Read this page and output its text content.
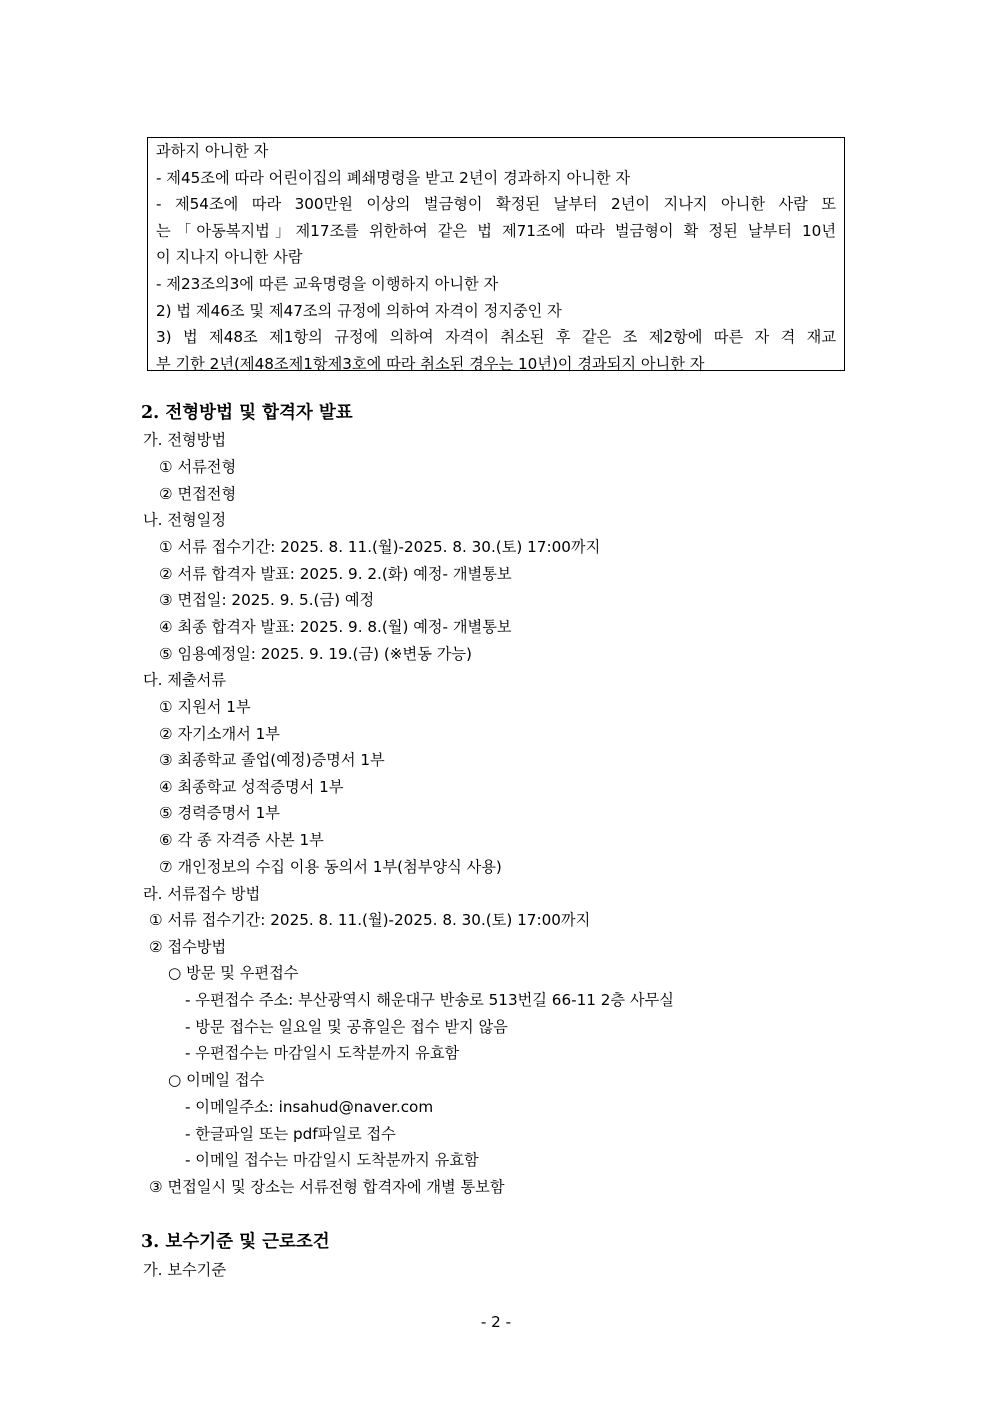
과하지 아니한 자
- 제45조에 따라 어린이집의 폐쇄명령을 받고 2년이 경과하지 아니한 자
- 제54조에 따라 300만원 이상의 벌금형이 확정된 날부터 2년이 지나지 아니한 사람 또
는「아동복지법」제17조를 위한하여 같은 법 제71조에 따라 벌금형이 확 정된 날부터 10년
이 지나지 아니한 사람
- 제23조의3에 따른 교육명령을 이행하지 아니한 자
2) 법 제46조 및 제47조의 규정에 의하여 자격이 정지중인 자
3) 법 제48조 제1항의 규정에 의하여 자격이 취소된 후 같은 조 제2항에 따른 자 격 재교
부 기한 2년(제48조제1항제3호에 따라 취소된 경우는 10년)이 경과되지 아니한 자
2. 전형방법 및 합격자 발표
가. 전형방법
① 서류전형
② 면접전형
나. 전형일정
① 서류 접수기간: 2025. 8. 11.(월)-2025. 8. 30.(토) 17:00까지
② 서류 합격자 발표: 2025. 9. 2.(화) 예정- 개별통보
③ 면접일: 2025. 9. 5.(금) 예정
④ 최종 합격자 발표: 2025. 9. 8.(월) 예정- 개별통보
⑤ 임용예정일: 2025. 9. 19.(금) (※변동 가능)
다. 제출서류
① 지원서 1부
② 자기소개서 1부
③ 최종학교 졸업(예정)증명서 1부
④ 최종학교 성적증명서 1부
⑤ 경력증명서 1부
⑥ 각 종 자격증 사본 1부
⑦ 개인정보의 수집 이용 동의서 1부(첨부양식 사용)
라. 서류접수 방법
① 서류 접수기간: 2025. 8. 11.(월)-2025. 8. 30.(토) 17:00까지
② 접수방법
○ 방문 및 우편접수
- 우편접수 주소: 부산광역시 해운대구 반송로 513번길 66-11 2층 사무실
- 방문 접수는 일요일 및 공휴일은 접수 받지 않음
- 우편접수는 마감일시 도착분까지 유효함
○ 이메일 접수
- 이메일주소: insahud@naver.com
- 한글파일 또는 pdf파일로 접수
- 이메일 접수는 마감일시 도착분까지 유효함
③ 면접일시 및 장소는 서류전형 합격자에 개별 통보함
3. 보수기준 및 근로조건
가. 보수기준
- 2 -
